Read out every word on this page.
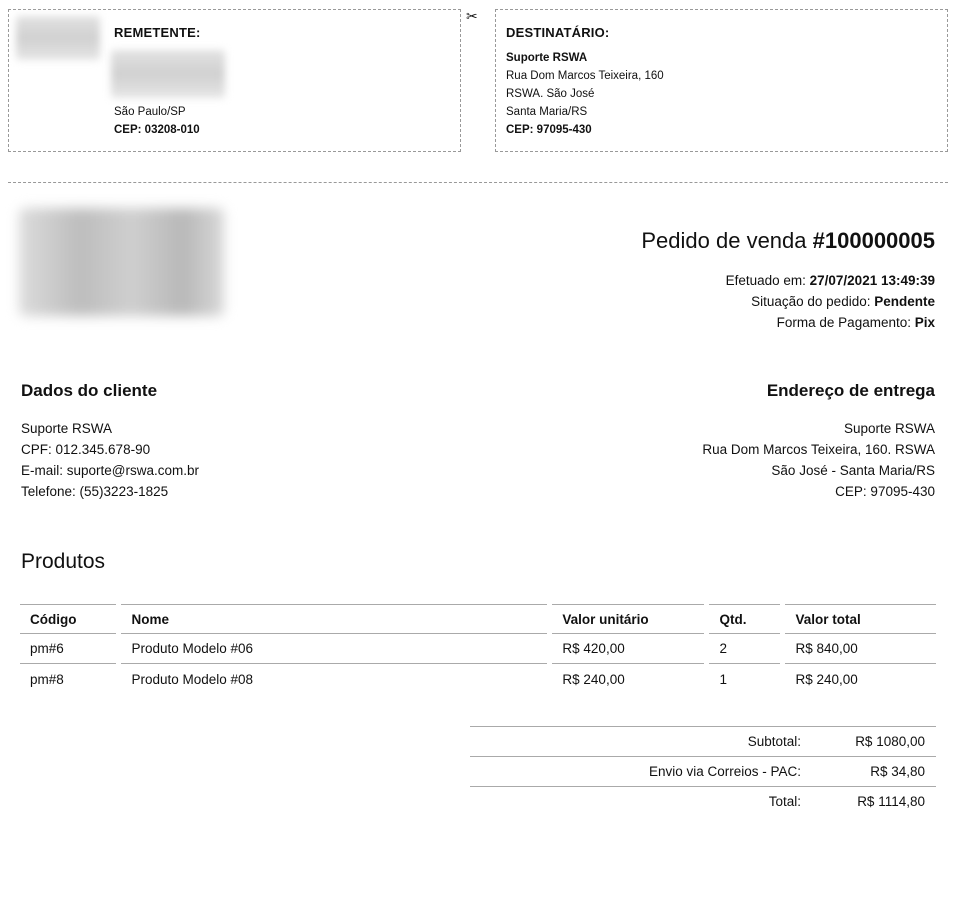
REMETENTE:
São Paulo/SP
CEP: 03208-010
✂
DESTINATÁRIO:
Suporte RSWA
Rua Dom Marcos Teixeira, 160
RSWA. São José
Santa Maria/RS
CEP: 97095-430
Pedido de venda #100000005
Efetuado em: 27/07/2021 13:49:39
Situação do pedido: Pendente
Forma de Pagamento: Pix
Dados do cliente
Suporte RSWA
CPF: 012.345.678-90
E-mail: suporte@rswa.com.br
Telefone: (55)3223-1825
Endereço de entrega
Suporte RSWA
Rua Dom Marcos Teixeira, 160. RSWA
São José - Santa Maria/RS
CEP: 97095-430
Produtos
Código	Nome	Valor unitário	Qtd.	Valor total
pm#6	Produto Modelo #06	R$ 420,00	2	R$ 840,00
pm#8	Produto Modelo #08	R$ 240,00	1	R$ 240,00
Subtotal:	R$ 1080,00
Envio via Correios - PAC:	R$ 34,80
Total:	R$ 1114,80
